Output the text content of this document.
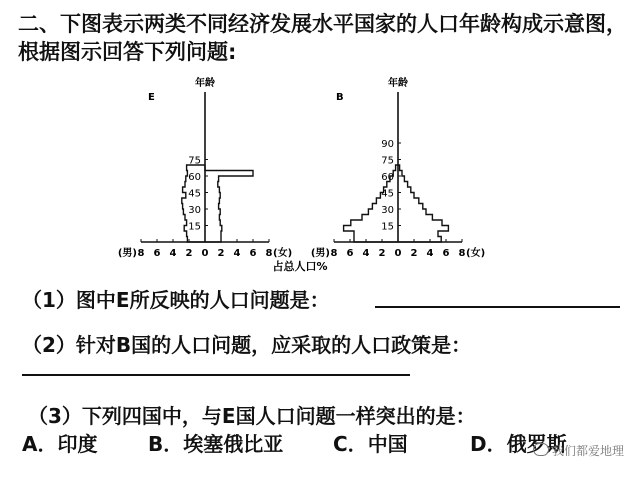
二、下图表示两类不同经济发展水平国家的人口年龄构成示意图，根据图示回答下列问题:

占总人口%
年龄
E
15
30
45
60
75
8 6 4 2 0 2 4 6 8
(男)	(女)
年龄
B
15
30
45
60
75
90
8 6 4 2 0 2 4 6 8
(男)	(女)
（1）图中E所反映的人口问题是：
（2）针对B国的人口问题，应采取的人口政策是：
（3）下列四国中，与E国人口问题一样突出的是：
A．印度	B．埃塞俄比亚 C．中国	D．俄罗斯
我们都爱地理
